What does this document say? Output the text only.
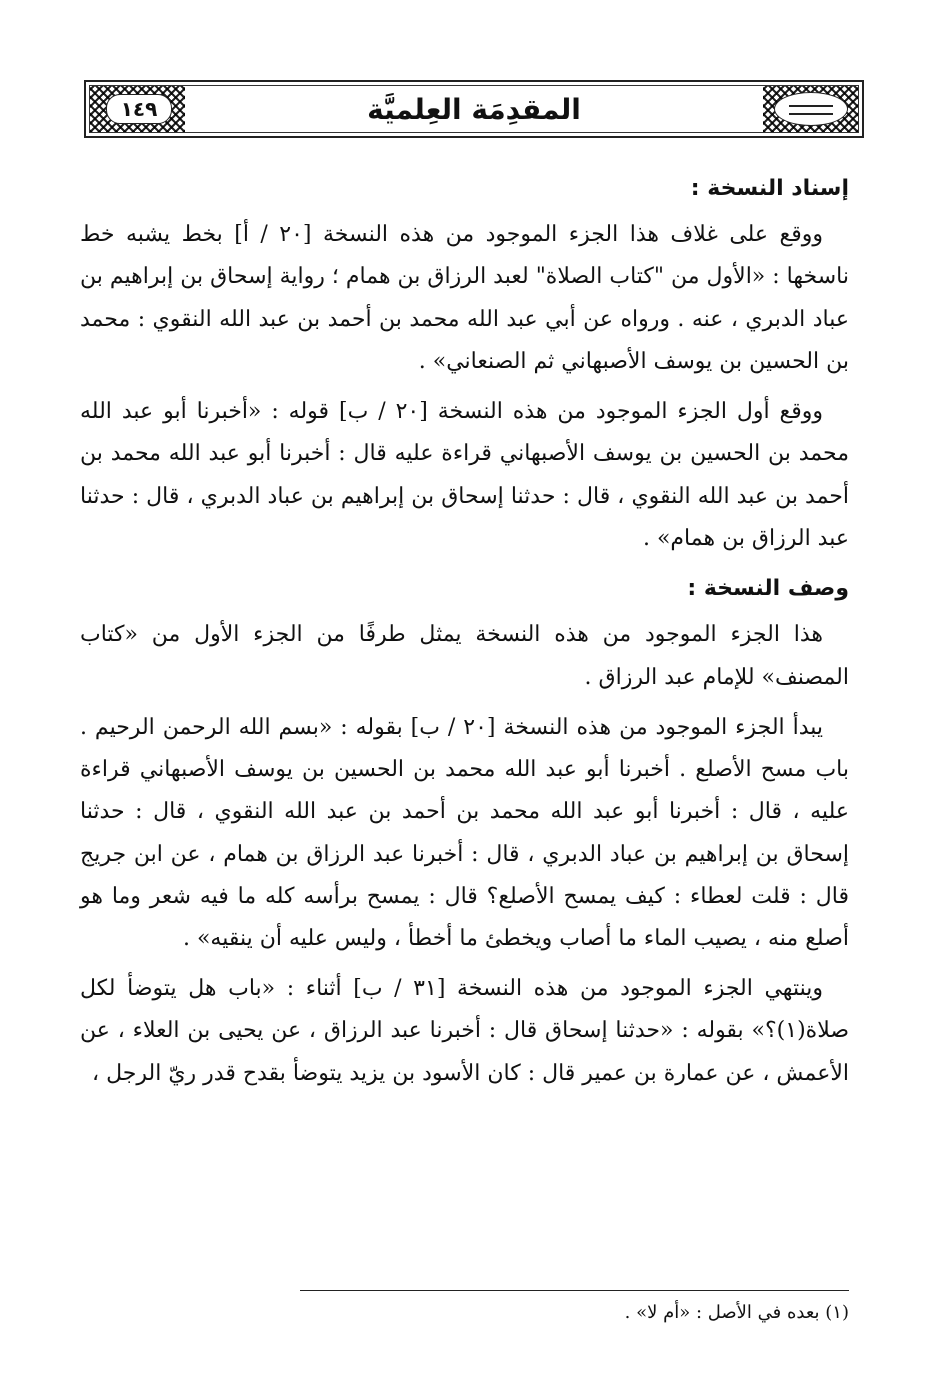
١٤٩	المقدِمَة العِلميَّة
إسناد النسخة :

ووقع على غلاف هذا الجزء الموجود من هذه النسخة [٢٠ / أ] بخط يشبه خط ناسخها : «الأول من "كتاب الصلاة" لعبد الرزاق بن همام ؛ رواية إسحاق بن إبراهيم بن عباد الدبري ، عنه . ورواه عن أبي عبد الله محمد بن أحمد بن عبد الله النقوي : محمد بن الحسين بن يوسف الأصبهاني ثم الصنعاني» .

ووقع أول الجزء الموجود من هذه النسخة [٢٠ / ب] قوله : «أخبرنا أبو عبد الله محمد بن الحسين بن يوسف الأصبهاني قراءة عليه قال : أخبرنا أبو عبد الله محمد بن أحمد بن عبد الله النقوي ، قال : حدثنا إسحاق بن إبراهيم بن عباد الدبري ، قال : حدثنا عبد الرزاق بن همام» .

وصف النسخة :

هذا الجزء الموجود من هذه النسخة يمثل طرفًا من الجزء الأول من «كتاب المصنف» للإمام عبد الرزاق .

يبدأ الجزء الموجود من هذه النسخة [٢٠ / ب] بقوله : «بسم الله الرحمن الرحيم . باب مسح الأصلع . أخبرنا أبو عبد الله محمد بن الحسين بن يوسف الأصبهاني قراءة عليه ، قال : أخبرنا أبو عبد الله محمد بن أحمد بن عبد الله النقوي ، قال : حدثنا إسحاق بن إبراهيم بن عباد الدبري ، قال : أخبرنا عبد الرزاق بن همام ، عن ابن جريج قال : قلت لعطاء : كيف يمسح الأصلع؟ قال : يمسح برأسه كله ما فيه شعر وما هو أصلع منه ، يصيب الماء ما أصاب ويخطئ ما أخطأ ، وليس عليه أن ينقيه» .

وينتهي الجزء الموجود من هذه النسخة [٣١ / ب] أثناء : «باب هل يتوضأ لكل صلاة(١)؟» بقوله : «حدثنا إسحاق قال : أخبرنا عبد الرزاق ، عن يحيى بن العلاء ، عن الأعمش ، عن عمارة بن عمير قال : كان الأسود بن يزيد يتوضأ بقدح قدر ريّ الرجل ،

(١) بعده في الأصل : «أم لا» .
